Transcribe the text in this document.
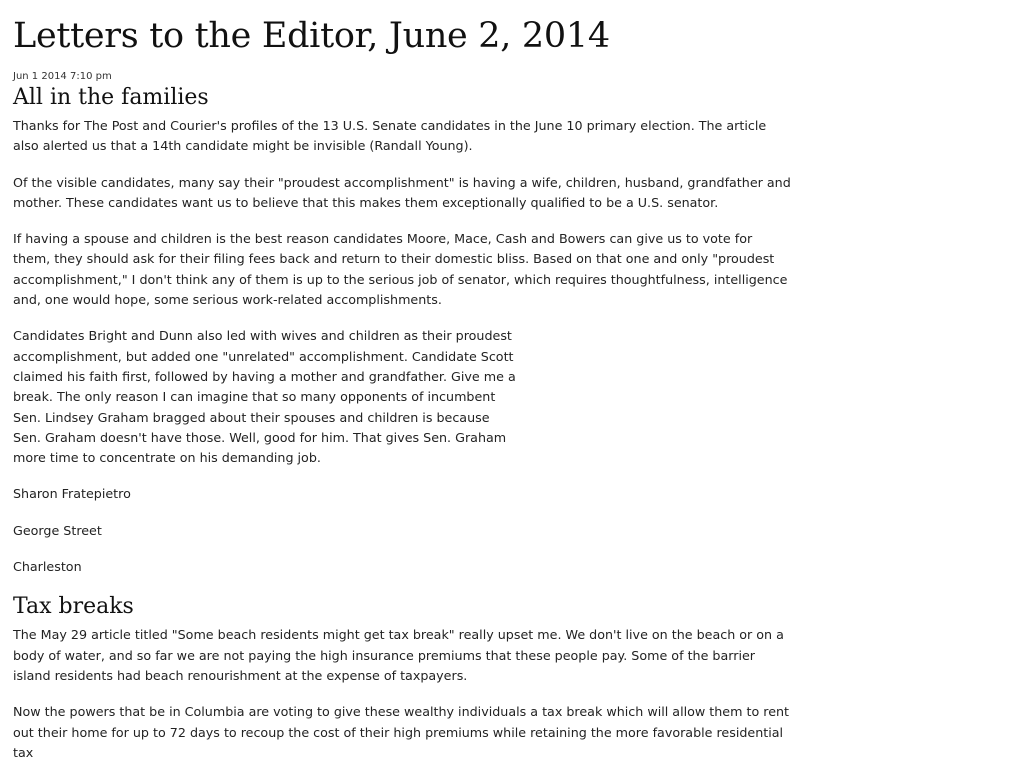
Letters to the Editor, June 2, 2014
Jun 1 2014 7:10 pm
All in the families

Thanks for The Post and Courier's profiles of the 13 U.S. Senate candidates in the June 10 primary election. The article also alerted us that a 14th candidate might be invisible (Randall Young).

Of the visible candidates, many say their "proudest accomplishment" is having a wife, children, husband, grandfather and mother. These candidates want us to believe that this makes them exceptionally qualified to be a U.S. senator.

If having a spouse and children is the best reason candidates Moore, Mace, Cash and Bowers can give us to vote for them, they should ask for their filing fees back and return to their domestic bliss. Based on that one and only "proudest accomplishment," I don't think any of them is up to the serious job of senator, which requires thoughtfulness, intelligence and, one would hope, some serious work-related accomplishments.

Candidates Bright and Dunn also led with wives and children as their proudest accomplishment, but added one "unrelated" accomplishment. Candidate Scott claimed his faith first, followed by having a mother and grandfather. Give me a break. The only reason I can imagine that so many opponents of incumbent Sen. Lindsey Graham bragged about their spouses and children is because Sen. Graham doesn't have those. Well, good for him. That gives Sen. Graham more time to concentrate on his demanding job.

Sharon Fratepietro

George Street

Charleston

Tax breaks

The May 29 article titled "Some beach residents might get tax break" really upset me. We don't live on the beach or on a body of water, and so far we are not paying the high insurance premiums that these people pay. Some of the barrier island residents had beach renourishment at the expense of taxpayers.

Now the powers that be in Columbia are voting to give these wealthy individuals a tax break which will allow them to rent out their home for up to 72 days to recoup the cost of their high premiums while retaining the more favorable residential tax
